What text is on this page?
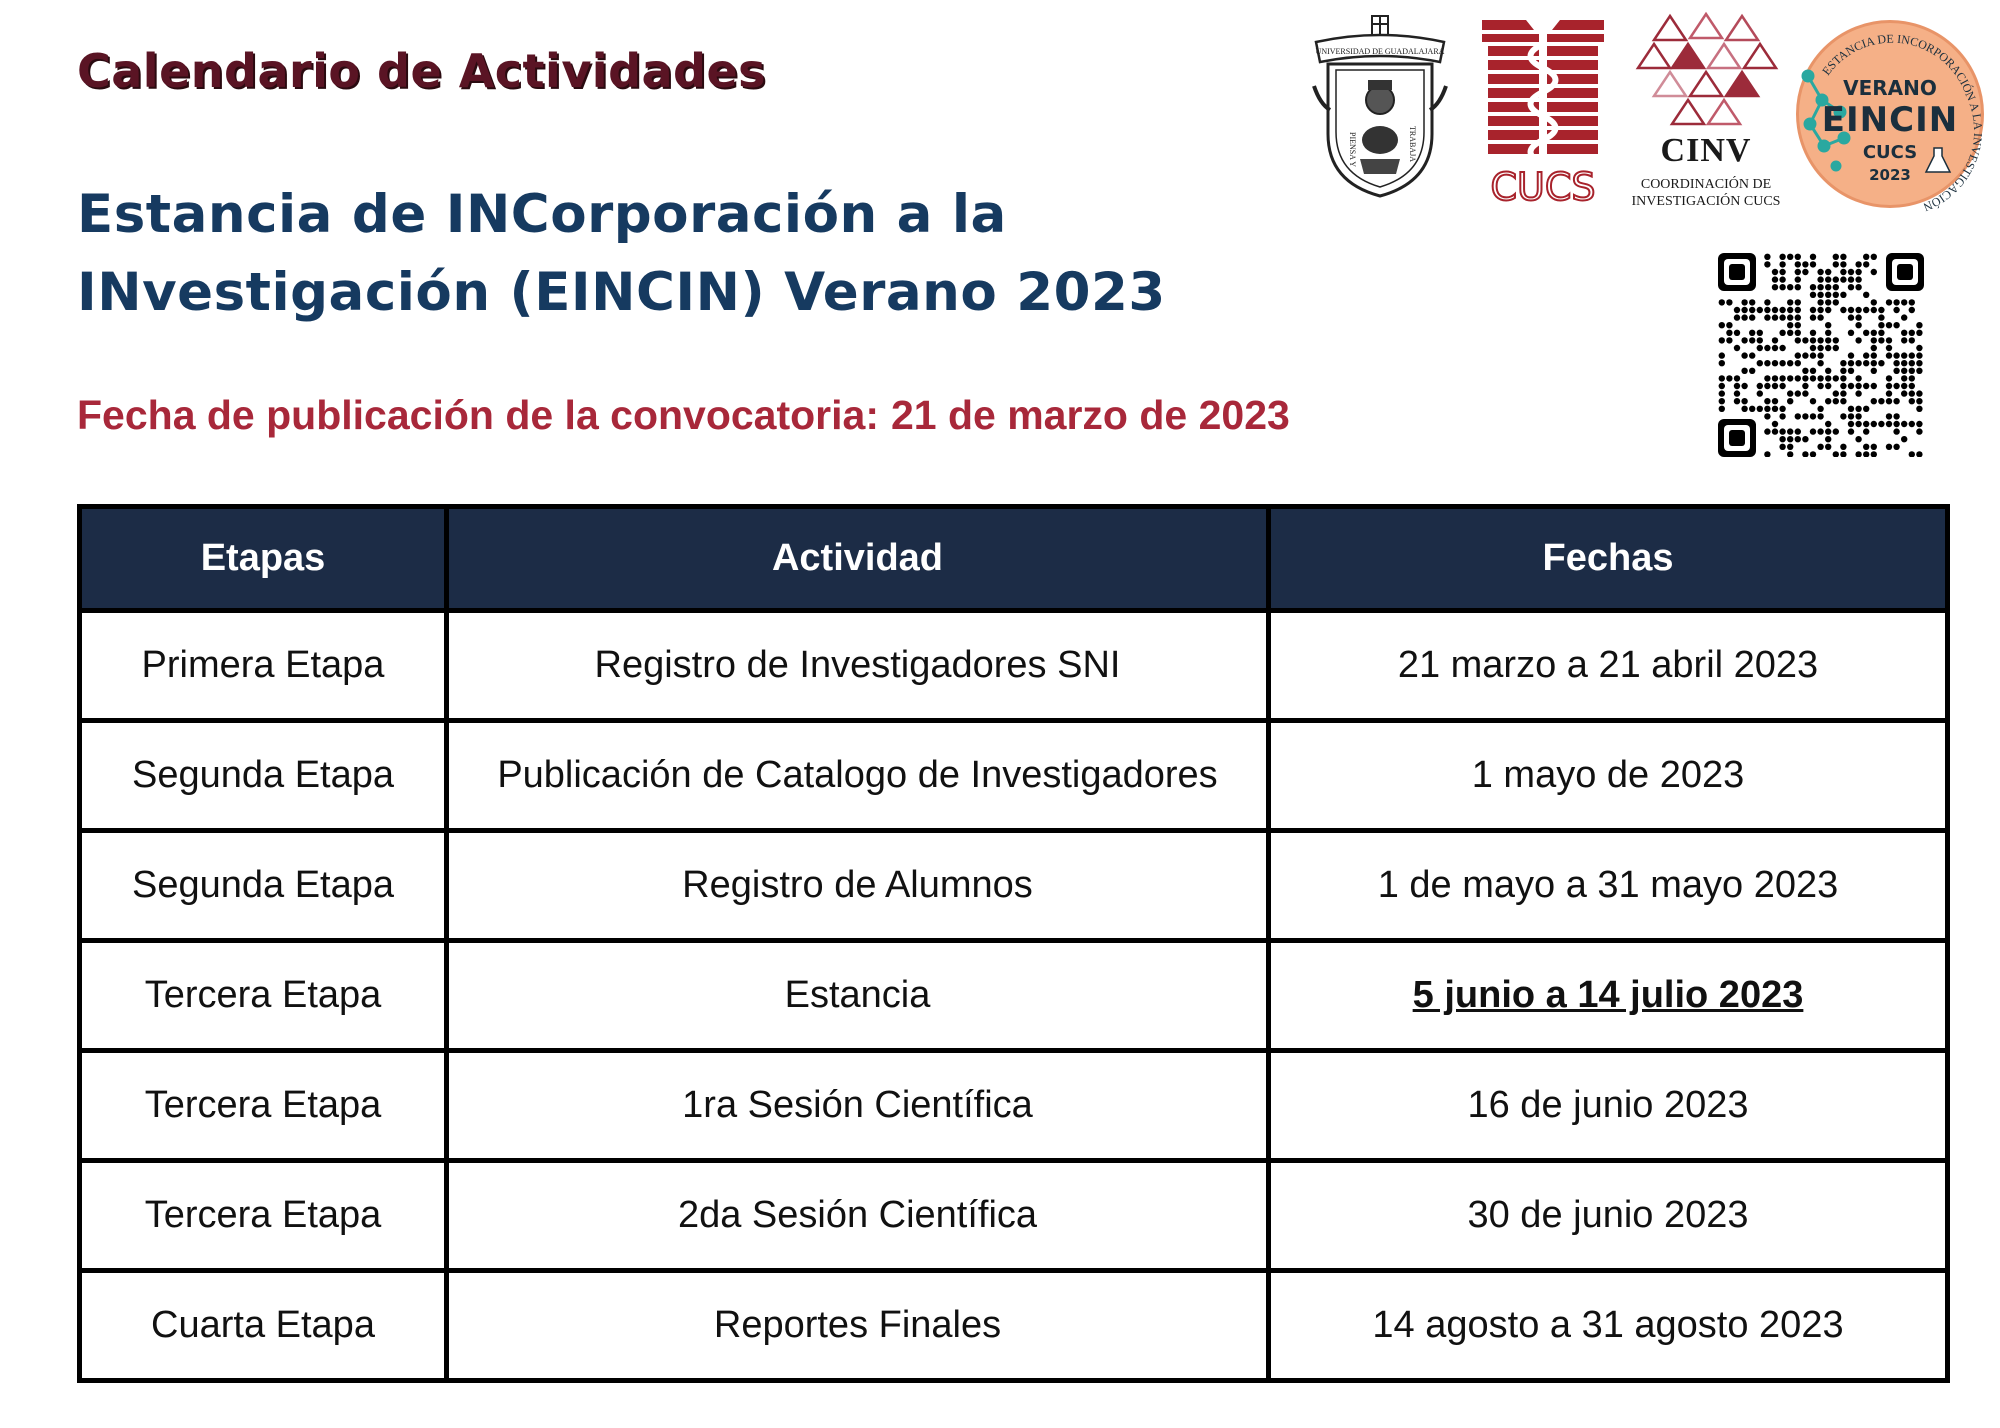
Calendario de Actividades
Estancia de INCorporación a la
INvestigación (EINCIN) Verano 2023
Fecha de publicación de la convocatoria: 21 de marzo de 2023
UNIVERSIDAD DE GUADALAJARA
PIENSA Y	TRABAJA
CUCS
CINV
COORDINACIÓN DE
INVESTIGACIÓN CUCS
ESTANCIA DE INCORPORACIÓN A LA INVESTIGACIÓN
VERANO
EINCIN
CUCS
2023
Etapas	Actividad	Fechas
Primera Etapa	Registro de Investigadores SNI	21 marzo a 21 abril 2023
Segunda Etapa	Publicación de Catalogo de Investigadores	1 mayo de 2023
Segunda Etapa	Registro de Alumnos	1 de mayo a 31 mayo 2023
Tercera Etapa	Estancia	5 junio a 14 julio 2023
Tercera Etapa	1ra Sesión Científica	16 de junio 2023
Tercera Etapa	2da Sesión Científica	30 de junio 2023
Cuarta Etapa	Reportes Finales	14 agosto a 31 agosto 2023
